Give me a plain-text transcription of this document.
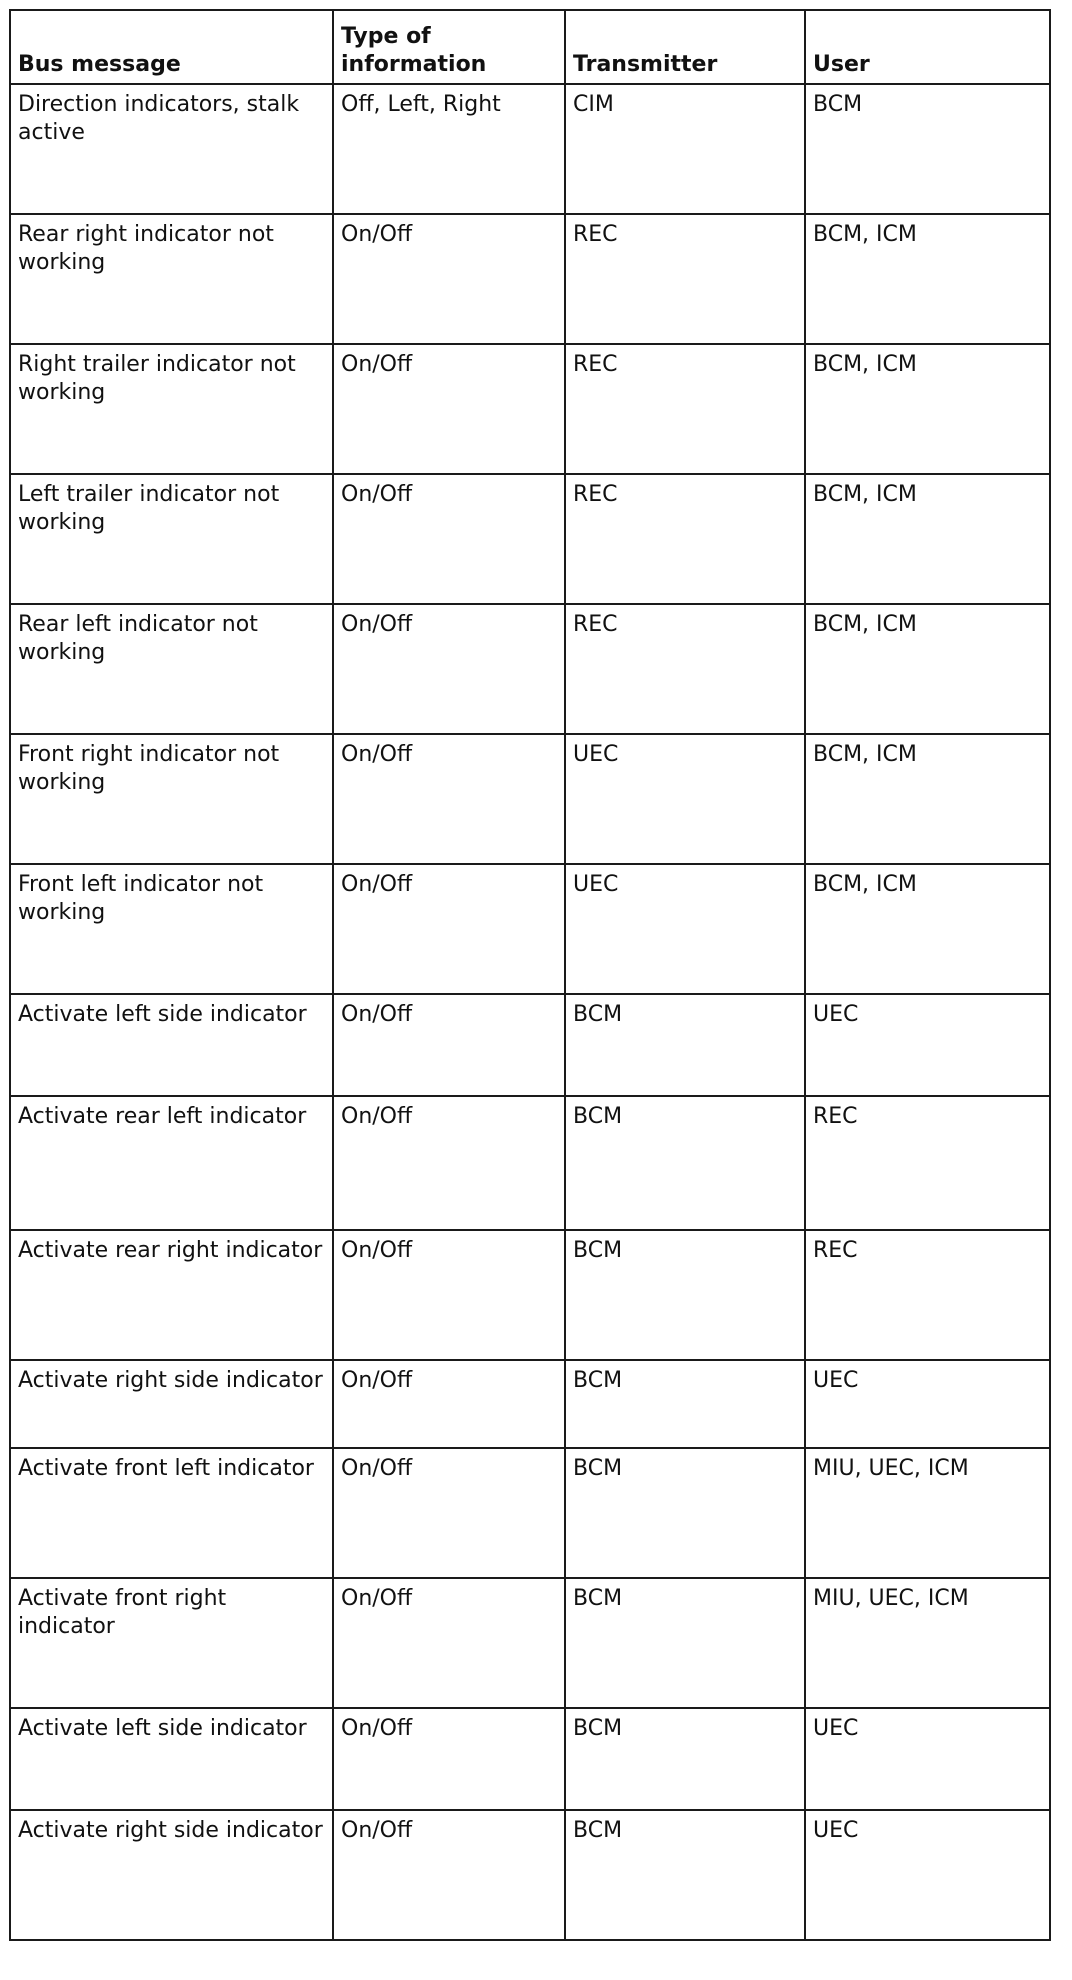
Bus message	Type of information	Transmitter	User
Direction indicators, stalk active	Off, Left, Right	CIM	BCM
Rear right indicator not working	On/Off	REC	BCM, ICM
Right trailer indicator not working	On/Off	REC	BCM, ICM
Left trailer indicator not working	On/Off	REC	BCM, ICM
Rear left indicator not working	On/Off	REC	BCM, ICM
Front right indicator not working	On/Off	UEC	BCM, ICM
Front left indicator not working	On/Off	UEC	BCM, ICM
Activate left side indicator	On/Off	BCM	UEC
Activate rear left indicator	On/Off	BCM	REC
Activate rear right indicator	On/Off	BCM	REC
Activate right side indicator	On/Off	BCM	UEC
Activate front left indicator	On/Off	BCM	MIU, UEC, ICM
Activate front right indicator	On/Off	BCM	MIU, UEC, ICM
Activate left side indicator	On/Off	BCM	UEC
Activate right side indicator	On/Off	BCM	UEC
